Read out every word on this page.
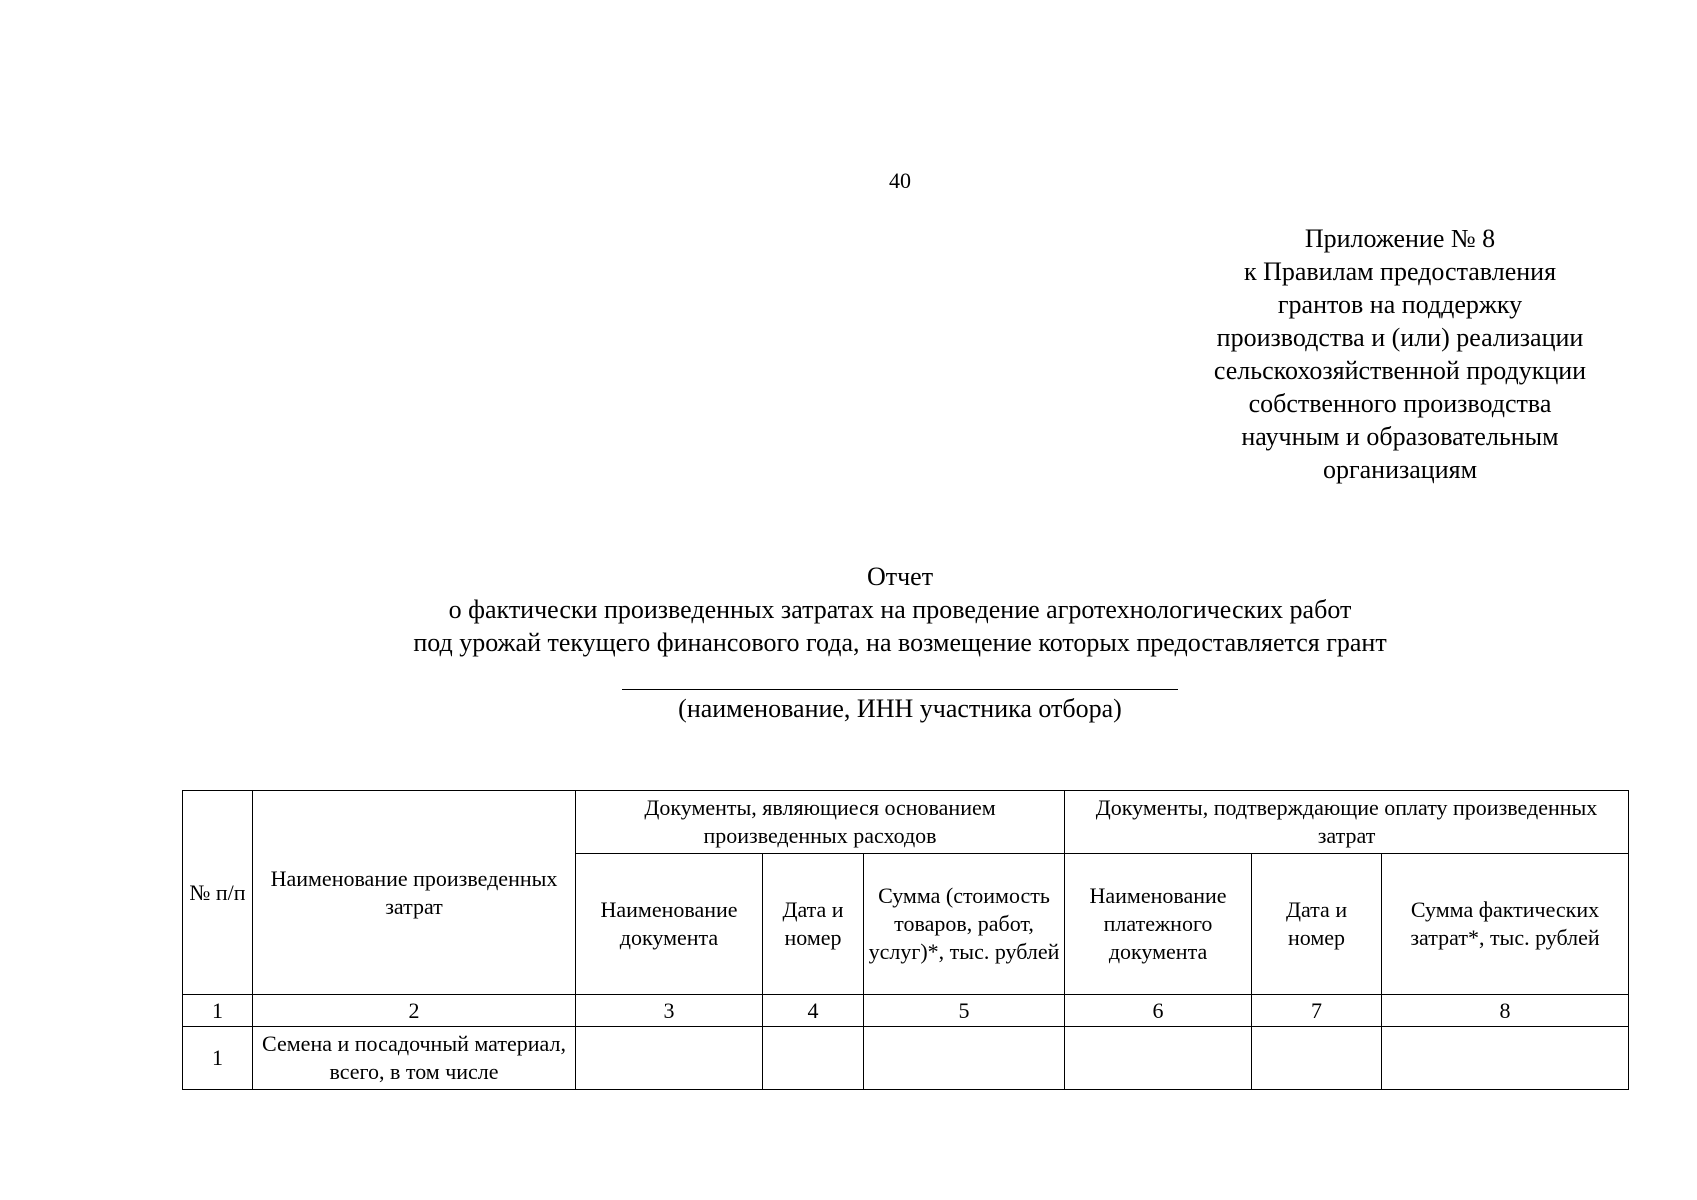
40
Приложение № 8
к Правилам предоставления
грантов на поддержку
производства и (или) реализации
сельскохозяйственной продукции
собственного производства
научным и образовательным
организациям
Отчет
о фактически произведенных затратах на проведение агротехнологических работ
под урожай текущего финансового года, на возмещение которых предоставляется грант
(наименование, ИНН участника отбора)
№ п/п	Наименование произведенных затрат	Документы, являющиеся основанием произведенных расходов			Документы, подтверждающие оплату произведенных затрат		
		Наименование документа	Дата и номер	Сумма (стоимость товаров, работ, услуг)*, тыс. рублей	Наименование платежного документа	Дата и номер	Сумма фактических затрат*, тыс. рублей
1	2	3	4	5	6	7	8
1	Семена и посадочный материал, всего, в том числе						
